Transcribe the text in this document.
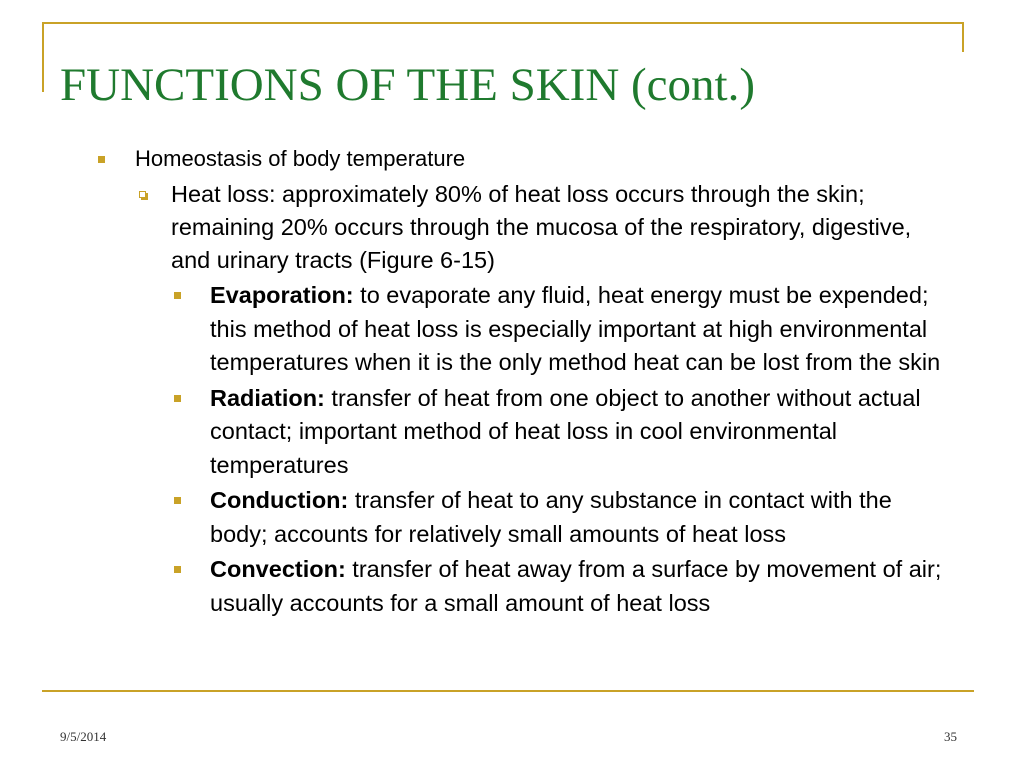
FUNCTIONS OF THE SKIN (cont.)
Homeostasis of body temperature
Heat loss: approximately 80% of heat loss occurs through the skin; remaining 20% occurs through the mucosa of the respiratory, digestive, and urinary tracts (Figure 6-15)
Evaporation: to evaporate any fluid, heat energy must be expended; this method of heat loss is especially important at high environmental temperatures when it is the only method heat can be lost from the skin
Radiation: transfer of heat from one object to another without actual contact; important method of heat loss in cool environmental temperatures
Conduction: transfer of heat to any substance in contact with the body; accounts for relatively small amounts of heat loss
Convection: transfer of heat away from a surface by movement of air; usually accounts for a small amount of heat loss
9/5/2014	35
